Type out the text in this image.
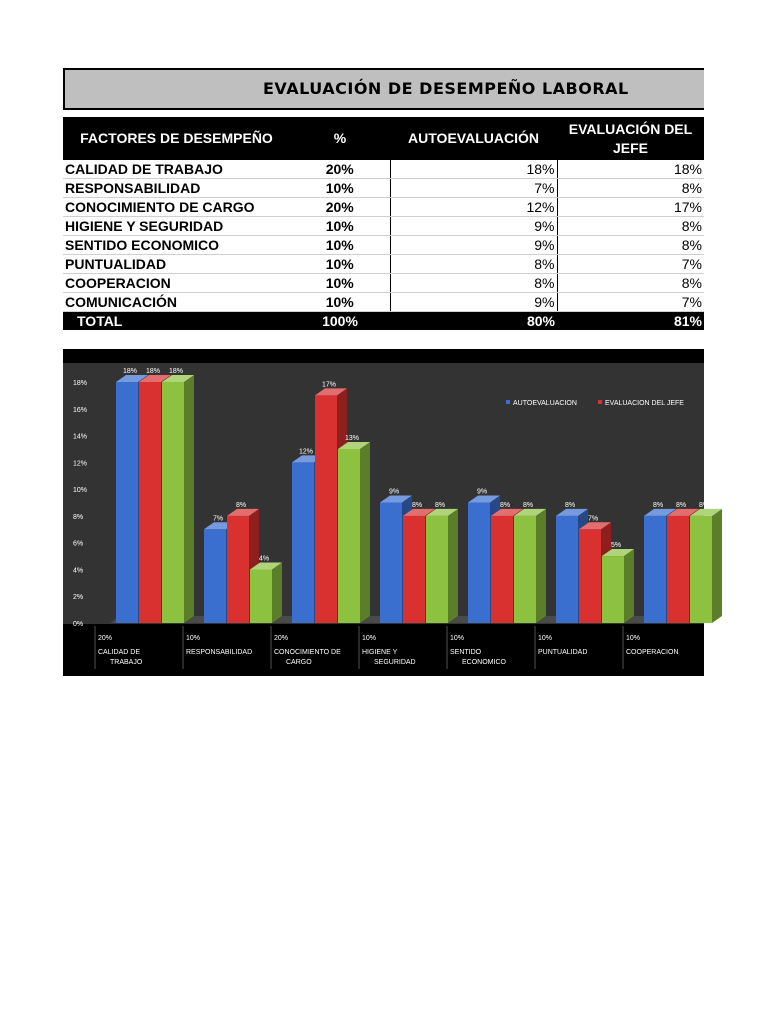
EVALUACIÓN DE DESEMPEÑO LABORAL
FACTORES DE DESEMPEÑO	%	AUTOEVALUACIÓN	EVALUACIÓN DEL JEFE
CALIDAD DE TRABAJO	20%	18%	18%
RESPONSABILIDAD	10%	7%	8%
CONOCIMIENTO DE CARGO	20%	12%	17%
HIGIENE Y SEGURIDAD	10%	9%	8%
SENTIDO ECONOMICO	10%	9%	8%
PUNTUALIDAD	10%	8%	7%
COOPERACION	10%	8%	8%
COMUNICACIÓN	10%	9%	7%
TOTAL	100%	80%	81%
0%
2%
4%
6%
8%
10%
12%
14%
16%
18%
18% 18% 18%
20%
CALIDAD DE
TRABAJO
7%
8%
4%
10%
RESPONSABILIDAD
12%
17%
13%
20%
CONOCIMIENTO DE
CARGO
9%
8% 8%
10%
HIGIENE Y
SEGURIDAD
9%
8% 8%
10%
SENTIDO
ECONOMICO
8%
7%
5%
10%
PUNTUALIDAD
8% 8% 8%
10%
COOPERACION
AUTOEVALUACION	EVALUACION DEL JEFE
